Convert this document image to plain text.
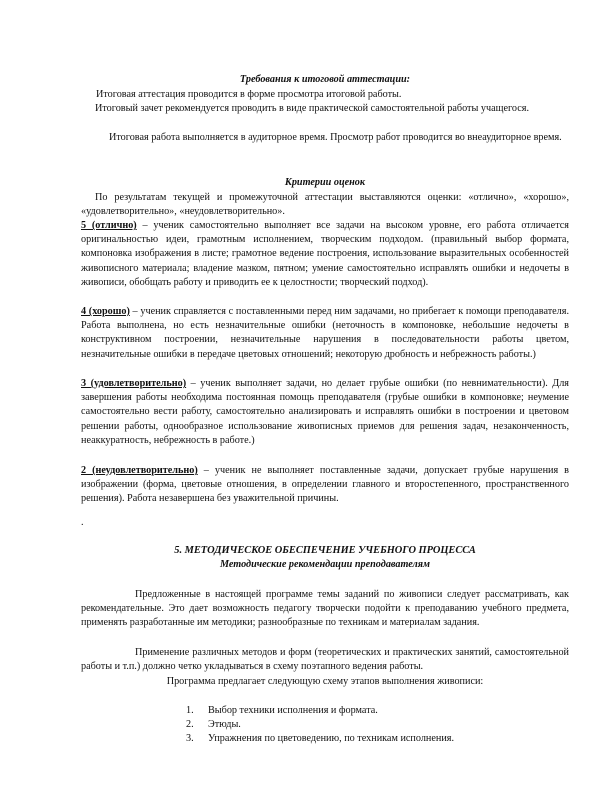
Требования к итоговой аттестации:
Итоговая аттестация проводится в форме просмотра итоговой работы.
Итоговый зачет рекомендуется проводить в виде практической самостоятельной работы учащегося.
Итоговая работа выполняется в аудиторное время. Просмотр работ проводится во внеаудиторное время.
Критерии оценок
По результатам текущей и промежуточной аттестации выставляются оценки: «отлично», «хорошо», «удовлетворительно», «неудовлетворительно».
5 (отлично) – ученик самостоятельно выполняет все задачи на высоком уровне, его работа отличается оригинальностью идеи, грамотным исполнением, творческим подходом. (правильный выбор формата, компоновка изображения в листе; грамотное ведение построения, использование выразительных особенностей живописного материала; владение мазком, пятном; умение самостоятельно исправлять ошибки и недочеты в живописи, обобщать работу и приводить ее к целостности; творческий подход).
4 (хорошо) – ученик справляется с поставленными перед ним задачами, но прибегает к помощи преподавателя. Работа выполнена, но есть незначительные ошибки (неточность в компоновке, небольшие недочеты в конструктивном построении, незначительные нарушения в последовательности работы цветом, незначительные ошибки в передаче цветовых отношений; некоторую дробность и небрежность работы.)
3 (удовлетворительно) – ученик выполняет задачи, но делает грубые ошибки (по невнимательности). Для завершения работы необходима постоянная помощь преподавателя (грубые ошибки в компоновке; неумение самостоятельно вести работу, самостоятельно анализировать и исправлять ошибки в построении и цветовом решении работы, однообразное использование живописных приемов для решения задач, незаконченность, неаккуратность, небрежность в работе.)
2 (неудовлетворительно) – ученик не выполняет поставленные задачи, допускает грубые нарушения в изображении (форма, цветовые отношения, в определении главного и второстепенного, пространственного решения). Работа незавершена без уважительной причины.
.
5. МЕТОДИЧЕСКОЕ ОБЕСПЕЧЕНИЕ УЧЕБНОГО ПРОЦЕССА
Методические рекомендации преподавателям
Предложенные в настоящей программе темы заданий по живописи следует рассматривать, как рекомендательные. Это дает возможность педагогу творчески подойти к преподаванию учебного предмета, применять разработанные им методики; разнообразные по техникам и материалам задания.
Применение различных методов и форм (теоретических и практических занятий, самостоятельной работы и т.п.) должно четко укладываться в схему поэтапного ведения работы.
Программа предлагает следующую схему этапов выполнения живописи:
1. Выбор техники исполнения и формата.
2. Этюды.
3. Упражнения по цветоведению, по техникам исполнения.
